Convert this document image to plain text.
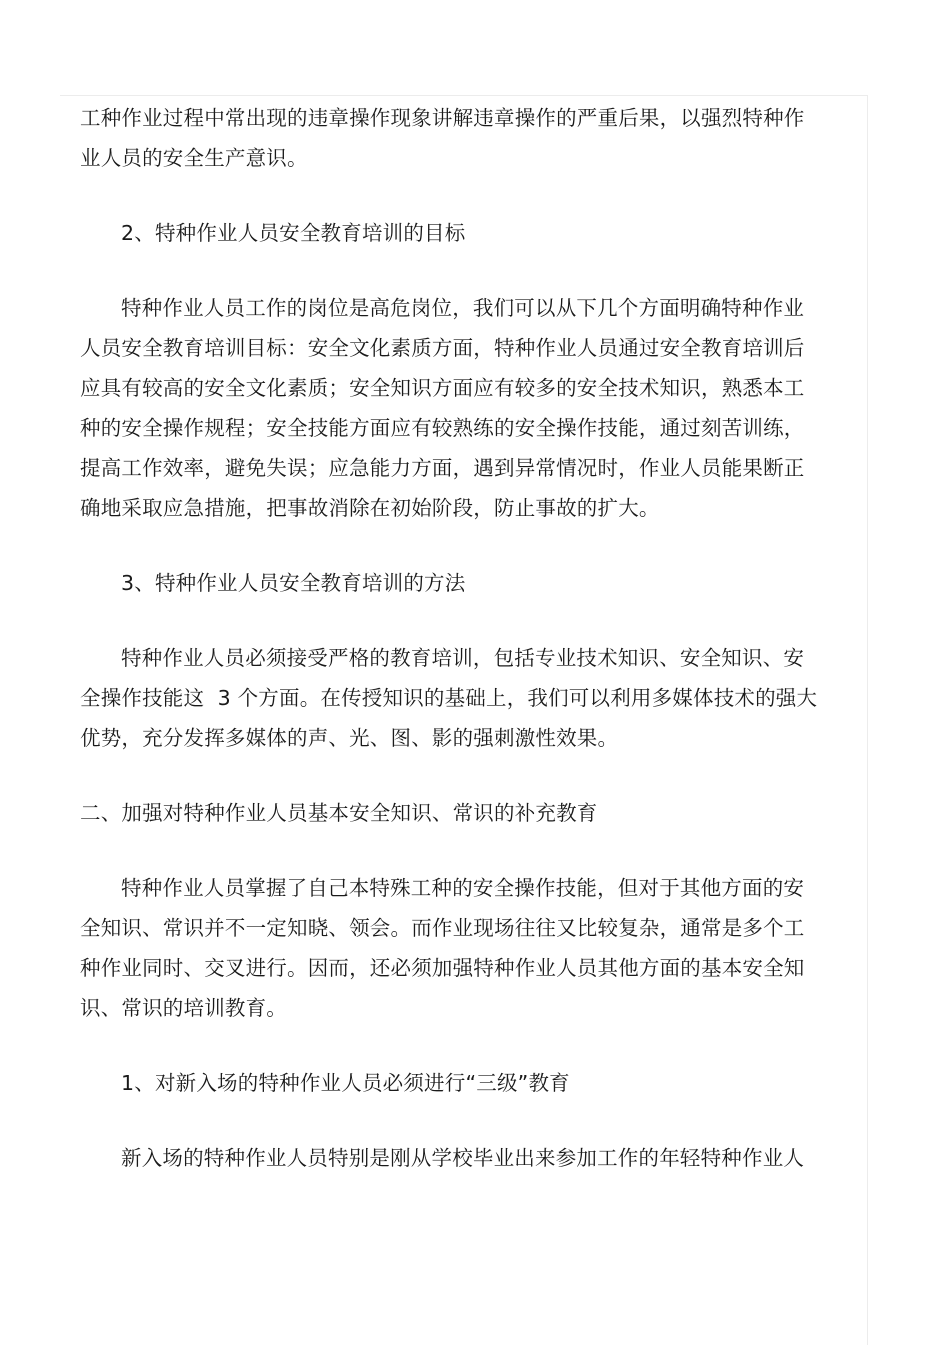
工种作业过程中常出现的违章操作现象讲解违章操作的严重后果，以强烈特种作
业人员的安全生产意识。
2、特种作业人员安全教育培训的目标
特种作业人员工作的岗位是高危岗位，我们可以从下几个方面明确特种作业
人员安全教育培训目标：安全文化素质方面，特种作业人员通过安全教育培训后
应具有较高的安全文化素质；安全知识方面应有较多的安全技术知识，熟悉本工
种的安全操作规程；安全技能方面应有较熟练的安全操作技能，通过刻苦训练，
提高工作效率，避免失误；应急能力方面，遇到异常情况时，作业人员能果断正
确地采取应急措施，把事故消除在初始阶段，防止事故的扩大。
3、特种作业人员安全教育培训的方法
特种作业人员必须接受严格的教育培训，包括专业技术知识、安全知识、安
全操作技能这  3 个方面。在传授知识的基础上，我们可以利用多媒体技术的强大
优势，充分发挥多媒体的声、光、图、影的强刺激性效果。
二、加强对特种作业人员基本安全知识、常识的补充教育
特种作业人员掌握了自己本特殊工种的安全操作技能，但对于其他方面的安
全知识、常识并不一定知晓、领会。而作业现场往往又比较复杂，通常是多个工
种作业同时、交叉进行。因而，还必须加强特种作业人员其他方面的基本安全知
识、常识的培训教育。
1、对新入场的特种作业人员必须进行“三级”教育
新入场的特种作业人员特别是刚从学校毕业出来参加工作的年轻特种作业人
